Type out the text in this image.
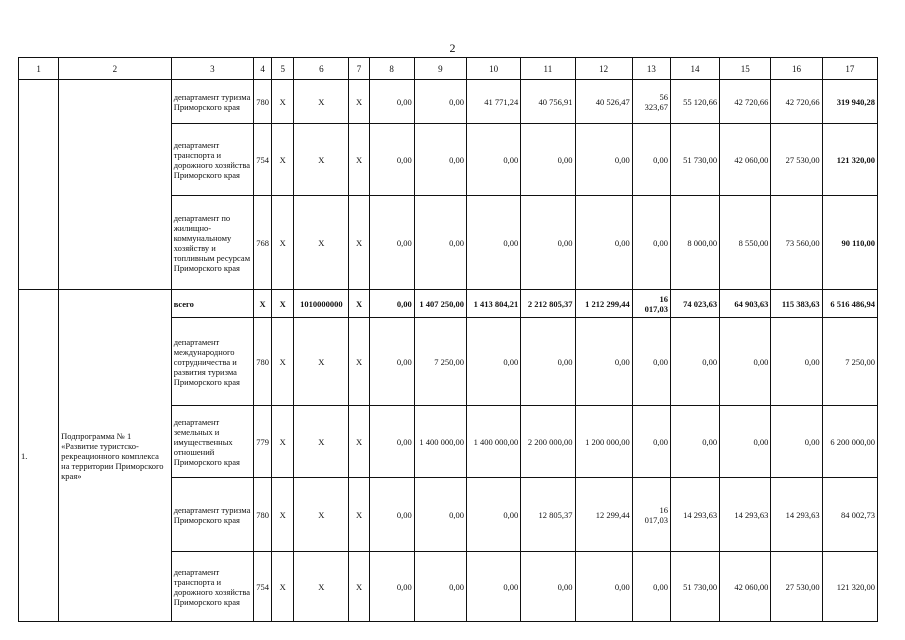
2
1	2	3	4	5	6	7	8	9	10	11	12	13	14	15	16	17
		департамент туризма Приморского края	780	X	X	X	0,00	0,00	41 771,24	40 756,91	40 526,47	56 323,67	55 120,66	42 720,66	42 720,66	319 940,28
		департамент транспорта и дорожного хозяйства Приморского края	754	X	X	X	0,00	0,00	0,00	0,00	0,00	0,00	51 730,00	42 060,00	27 530,00	121 320,00
		департамент по жилищно-коммунальному хозяйству и топливным ресурсам Приморского края	768	X	X	X	0,00	0,00	0,00	0,00	0,00	0,00	8 000,00	8 550,00	73 560,00	90 110,00
1.	Подпрограмма № 1 «Развитие туристско-рекреационного комплекса на территории Приморского края»	всего	X	X	1010000000	X	0,00	1 407 250,00	1 413 804,21	2 212 805,37	1 212 299,44	16 017,03	74 023,63	64 903,63	115 383,63	6 516 486,94
		департамент международного сотрудничества и развития туризма Приморского края	780	X	X	X	0,00	7 250,00	0,00	0,00	0,00	0,00	0,00	0,00	0,00	7 250,00
		департамент земельных и имущественных отношений Приморского края	779	X	X	X	0,00	1 400 000,00	1 400 000,00	2 200 000,00	1 200 000,00	0,00	0,00	0,00	0,00	6 200 000,00
		департамент туризма Приморского края	780	X	X	X	0,00	0,00	0,00	12 805,37	12 299,44	16 017,03	14 293,63	14 293,63	14 293,63	84 002,73
		департамент транспорта и дорожного хозяйства Приморского края	754	X	X	X	0,00	0,00	0,00	0,00	0,00	0,00	51 730,00	42 060,00	27 530,00	121 320,00
